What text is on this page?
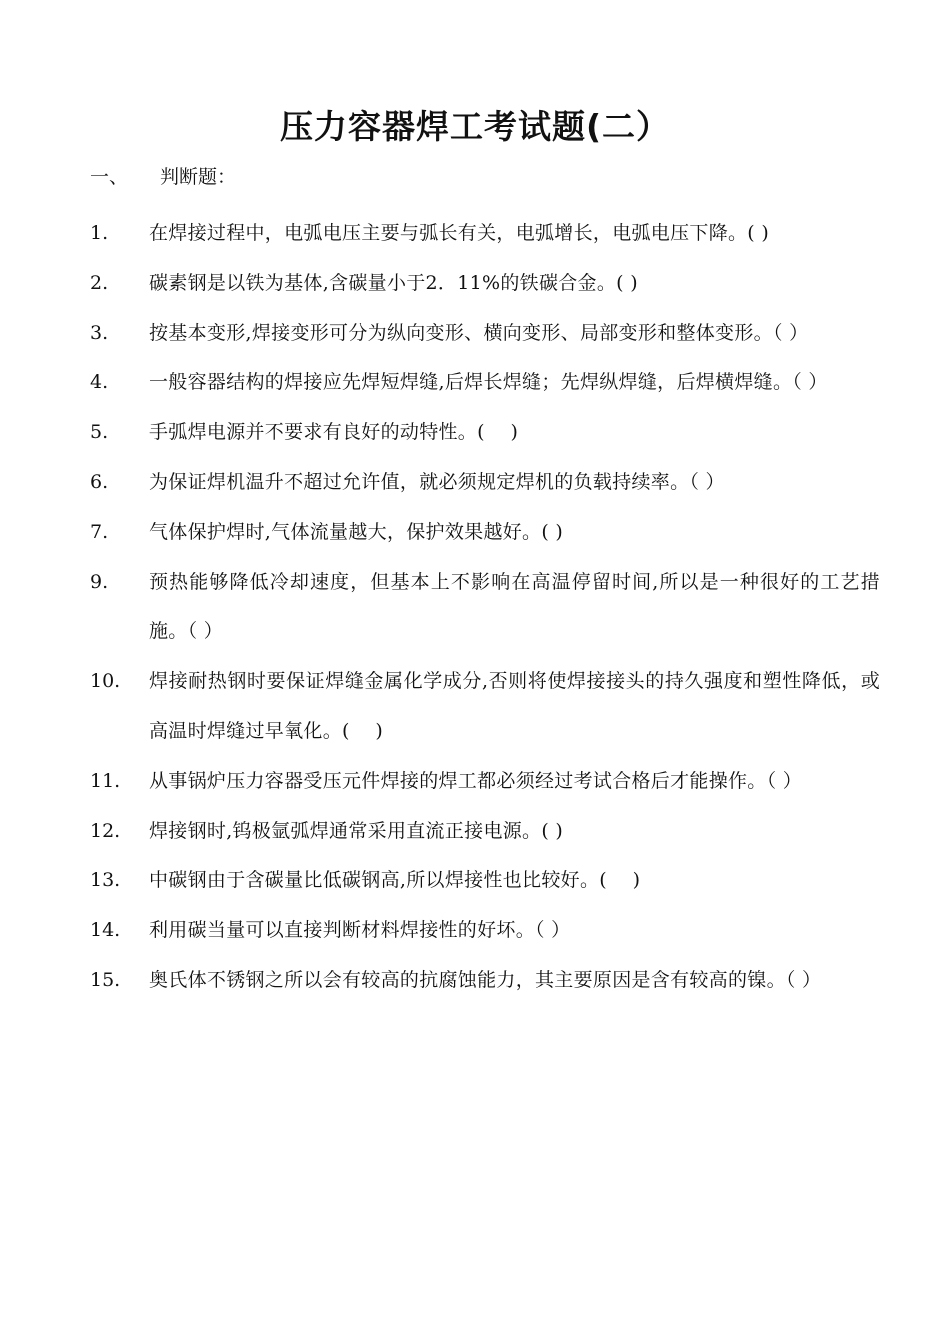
压力容器焊工考试题(二）
一、 判断题：
1.	在焊接过程中，电弧电压主要与弧长有关，电弧增长，电弧电压下降。( )
2.	碳素钢是以铁为基体,含碳量小于2．11%的铁碳合金。( )
3.	按基本变形,焊接变形可分为纵向变形、横向变形、局部变形和整体变形。（ ）
4.	一般容器结构的焊接应先焊短焊缝,后焊长焊缝；先焊纵焊缝，后焊横焊缝。（ ）
5.	手弧焊电源并不要求有良好的动特性。(　 )
6.	为保证焊机温升不超过允许值，就必须规定焊机的负载持续率。（ ）
7.	气体保护焊时,气体流量越大，保护效果越好。( )
9.	预热能够降低冷却速度，但基本上不影响在高温停留时间,所以是一种很好的工艺措施。（ ）
10.	焊接耐热钢时要保证焊缝金属化学成分,否则将使焊接接头的持久强度和塑性降低，或高温时焊缝过早氧化。(　 )
11.	从事锅炉压力容器受压元件焊接的焊工都必须经过考试合格后才能操作。（ ）
12.	焊接钢时,钨极氩弧焊通常采用直流正接电源。( )
13.	中碳钢由于含碳量比低碳钢高,所以焊接性也比较好。(　 )
14.	利用碳当量可以直接判断材料焊接性的好坏。（ ）
15.	奥氏体不锈钢之所以会有较高的抗腐蚀能力，其主要原因是含有较高的镍。（ ）
